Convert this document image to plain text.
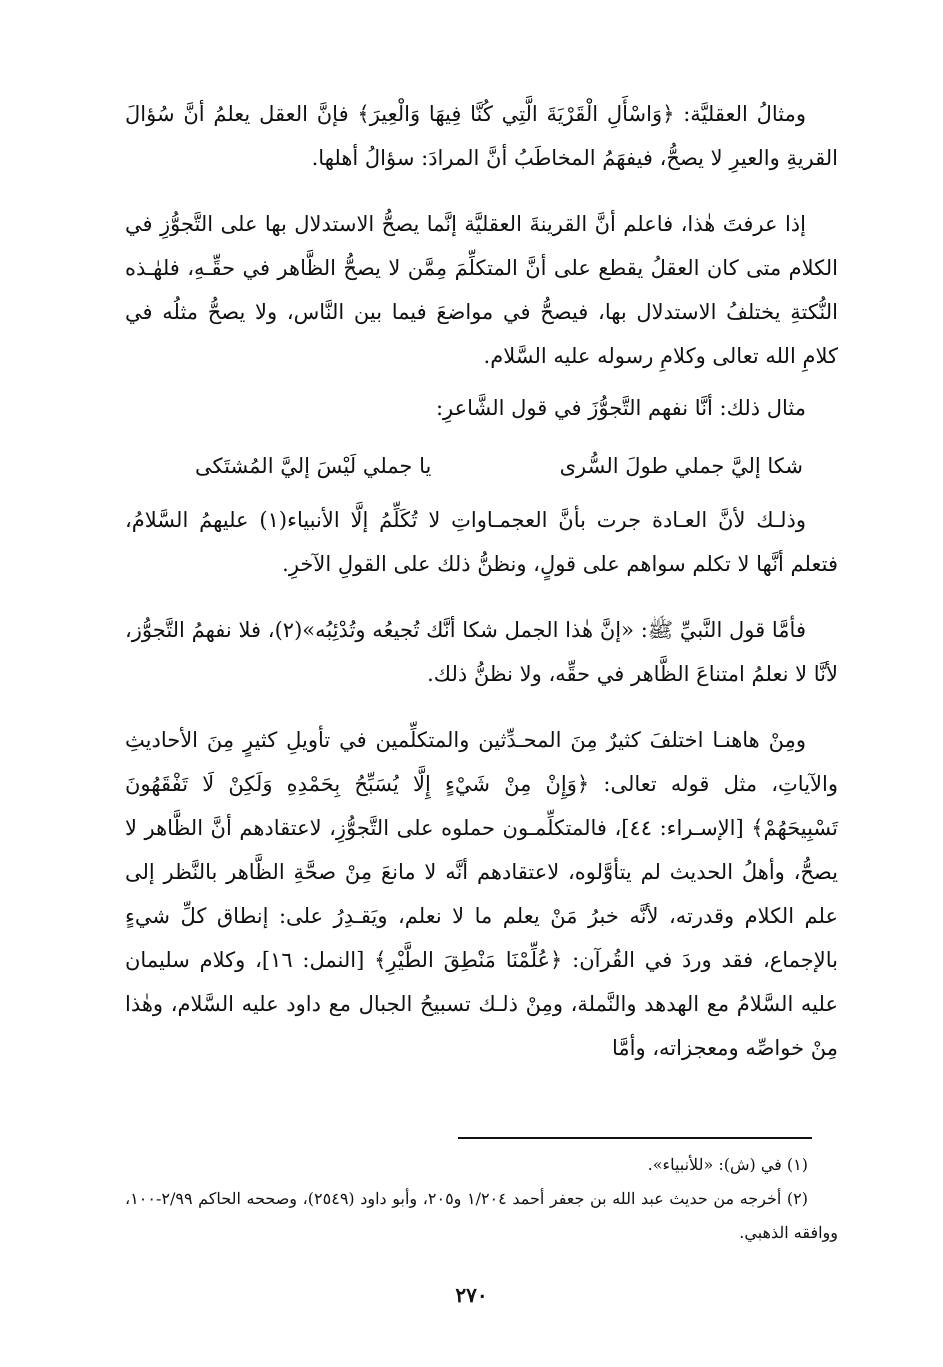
ومثالُ العقليَّة: ﴿وَاسْأَلِ الْقَرْيَةَ الَّتِي كُنَّا فِيهَا وَالْعِيرَ﴾ فإنَّ العقل يعلمُ أنَّ سُؤالَ القريةِ والعيرِ لا يصحُّ، فيفهَمُ المخاطَبُ أنَّ المرادَ: سؤالُ أهلها.

إذا عرفتَ هٰذا، فاعلم أنَّ القرينةَ العقليَّة إنَّما يصحُّ الاستدلال بها على التَّجوُّزِ في الكلام متى كان العقلُ يقطع على أنَّ المتكلِّمَ مِمَّن لا يصحُّ الظَّاهر في حقِّـهِ، فلهٰـذه النُّكتةِ يختلفُ الاستدلال بها، فيصحُّ في مواضعَ فيما بين النَّاس، ولا يصحُّ مثلُه في كلامِ الله تعالى وكلامِ رسوله عليه السَّلام.

مثال ذلك: أنَّا نفهم التَّجوُّزَ في قول الشَّاعرِ:

شكا إليَّ جملي طولَ السُّرى
يا جملي لَيْسَ إليَّ المُشتَكى

وذلـك لأنَّ العـادة جرت بأنَّ العجمـاواتِ لا تُكَلِّمُ إلَّا الأنبياء(١) عليهمُ السَّلامُ، فتعلم أنَّها لا تكلم سواهم على قولٍ، ونظنُّ ذلك على القولِ الآخرِ.

فأمَّا قول النَّبيِّ ﷺ: «إنَّ هٰذا الجمل شكا أنَّك تُجيعُه وتُدْئِبُه»(٢)، فلا نفهمُ التَّجوُّز، لأنَّا لا نعلمُ امتناعَ الظَّاهر في حقِّه، ولا نظنُّ ذلك.

ومِنْ هاهنـا اختلفَ كثيرٌ مِنَ المحـدِّثين والمتكلِّمين في تأويلِ كثيرٍ مِنَ الأحاديثِ والآياتِ، مثل قوله تعالى: ﴿وَإِنْ مِنْ شَيْءٍ إِلَّا يُسَبِّحُ بِحَمْدِهِ وَلَكِنْ لَا تَفْقَهُونَ تَسْبِيحَهُمْ﴾ [الإسـراء: ٤٤]، فالمتكلِّمـون حملوه على التَّجوُّزِ، لاعتقادهم أنَّ الظَّاهر لا يصحُّ، وأهلُ الحديث لم يتأوَّلوه، لاعتقادهم أنَّه لا مانعَ مِنْ صحَّةِ الظَّاهر بالنَّظر إلى علم الكلام وقدرته، لأنَّه خبرُ مَنْ يعلم ما لا نعلم، ويَقـدِرُ على: إنطاق كلِّ شيءٍ بالإجماع، فقد وردَ في القُرآن: ﴿عُلِّمْنَا مَنْطِقَ الطَّيْرِ﴾ [النمل: ١٦]، وكلام سليمان عليه السَّلامُ مع الهدهد والنَّملة، ومِنْ ذلـك تسبيحُ الجبال مع داود عليه السَّلام، وهٰذا مِنْ خواصِّه ومعجزاته، وأمَّا

(١) في (ش): «للأنبياء».

(٢) أخرجه من حديث عبد الله بن جعفر أحمد ١/٢٠٤ و٢٠٥، وأبو داود (٢٥٤٩)، وصححه الحاكم ٢/٩٩-١٠٠، ووافقه الذهبي.

٢٧٠
